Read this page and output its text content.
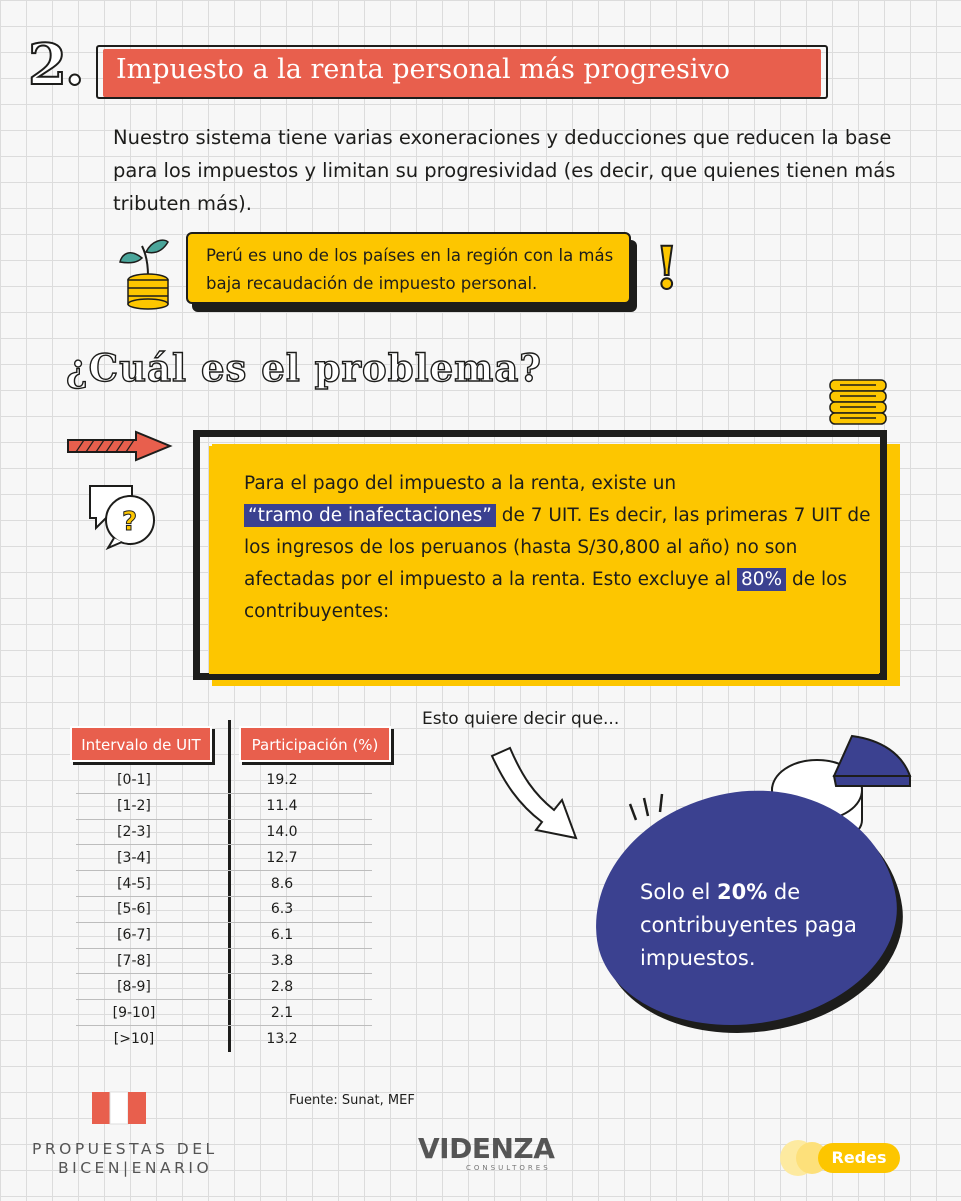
2. Impuesto a la renta personal más progresivo
Nuestro sistema tiene varias exoneraciones y deducciones que reducen la base para los impuestos y limitan su progresividad (es decir, que quienes tienen más tributen más).
Perú es uno de los países en la región con la más baja recaudación de impuesto personal.	!
¿Cuál es el problema?
?
Para el pago del impuesto a la renta, existe un
“tramo de inafectaciones” de 7 UIT. Es decir, las primeras 7 UIT de los ingresos de los peruanos (hasta S/30,800 al año) no son afectadas por el impuesto a la renta. Esto excluye al 80% de los contribuyentes:
Intervalo de UIT	Participación (%)
[0-1]	19.2
[1-2]	11.4
[2-3]	14.0
[3-4]	12.7
[4-5]	8.6
[5-6]	6.3
[6-7]	6.1
[7-8]	3.8
[8-9]	2.8
[9-10]	2.1
[>10]	13.2
Fuente: Sunat, MEF
Esto quiere decir que...
Solo el 20% de contribuyentes paga impuestos.
PROPUESTAS DEL
BICEN|ENARIO
VIDENZA
CONSULTORES
Redes
